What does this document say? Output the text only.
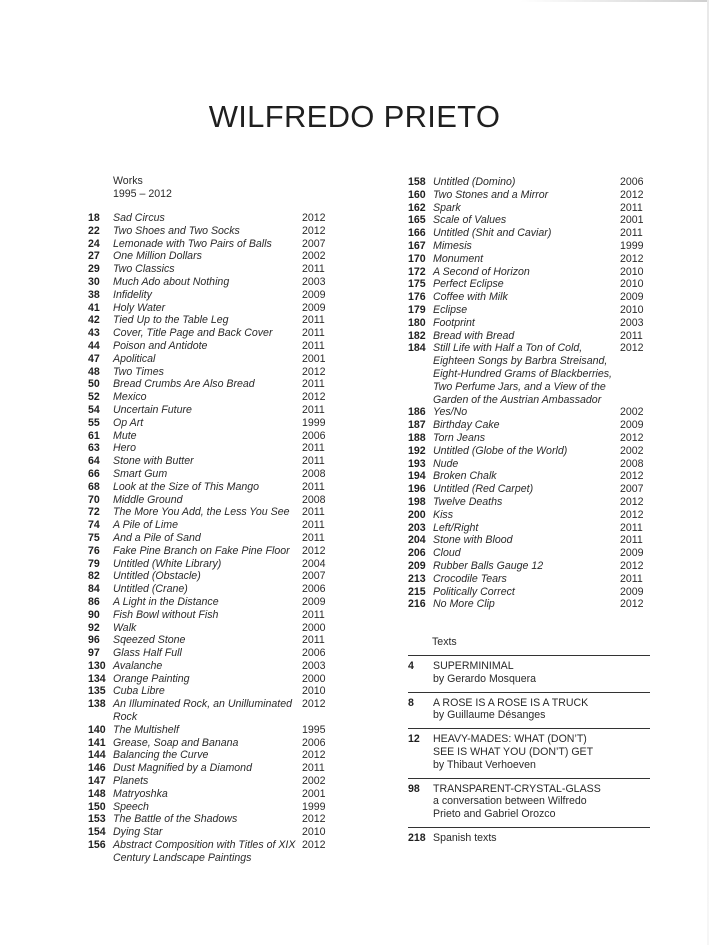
WILFREDO PRIETO
Works
1995 – 2012
18 Sad Circus	2012
22 Two Shoes and Two Socks	2012
24 Lemonade with Two Pairs of Balls	2007
27 One Million Dollars	2002
29 Two Classics	2011
30 Much Ado about Nothing	2003
38 Infidelity	2009
41 Holy Water	2009
42 Tied Up to the Table Leg	2011
43 Cover, Title Page and Back Cover	2011
44 Poison and Antidote	2011
47 Apolitical	2001
48 Two Times	2012
50 Bread Crumbs Are Also Bread	2011
52 Mexico	2012
54 Uncertain Future	2011
55 Op Art	1999
61 Mute	2006
63 Hero	2011
64 Stone with Butter	2011
66 Smart Gum	2008
68 Look at the Size of This Mango	2011
70 Middle Ground	2008
72 The More You Add, the Less You See	2011
74 A Pile of Lime	2011
75 And a Pile of Sand	2011
76 Fake Pine Branch on Fake Pine Floor	2012
79 Untitled (White Library)	2004
82 Untitled (Obstacle)	2007
84 Untitled (Crane)	2006
86 A Light in the Distance	2009
90 Fish Bowl without Fish	2011
92 Walk	2000
96 Sqeezed Stone	2011
97 Glass Half Full	2006
130 Avalanche	2003
134 Orange Painting	2000
135 Cuba Libre	2010
138 An Illuminated Rock, an Unilluminated Rock
2012
140 The Multishelf	1995
141 Grease, Soap and Banana	2006
144 Balancing the Curve	2012
146 Dust Magnified by a Diamond	2011
147 Planets	2002
148 Matryoshka	2001
150 Speech	1999
153 The Battle of the Shadows	2012
154 Dying Star	2010
156 Abstract Composition with Titles of XIX Century Landscape Paintings
2012
158 Untitled (Domino)	2006
160 Two Stones and a Mirror	2012
162 Spark	2011
165 Scale of Values	2001
166 Untitled (Shit and Caviar)	2011
167 Mimesis	1999
170 Monument	2012
172 A Second of Horizon	2010
175 Perfect Eclipse	2010
176 Coffee with Milk	2009
179 Eclipse	2010
180 Footprint	2003
182 Bread with Bread	2011
184 Still Life with Half a Ton of Cold, Eighteen Songs by Barbra Streisand, Eight-Hundred Grams of Blackberries, Two Perfume Jars, and a View of the Garden of the Austrian Ambassador
2012
186 Yes/No	2002
187 Birthday Cake	2009
188 Torn Jeans	2012
192 Untitled (Globe of the World)	2002
193 Nude	2008
194 Broken Chalk	2012
196 Untitled (Red Carpet)	2007
198 Twelve Deaths	2012
200 Kiss	2012
203 Left/Right	2011
204 Stone with Blood	2011
206 Cloud	2009
209 Rubber Balls Gauge 12	2012
213 Crocodile Tears	2011
215 Politically Correct	2009
216 No More Clip	2012
Texts
4 SUPERMINIMAL
by Gerardo Mosquera
8 A ROSE IS A ROSE IS A TRUCK
by Guillaume Désanges
12 HEAVY-MADES: WHAT (DON’T)
SEE IS WHAT YOU (DON’T) GET
by Thibaut Verhoeven
98 TRANSPARENT-CRYSTAL-GLASS
a conversation between Wilfredo
Prieto and Gabriel Orozco
218 Spanish texts
